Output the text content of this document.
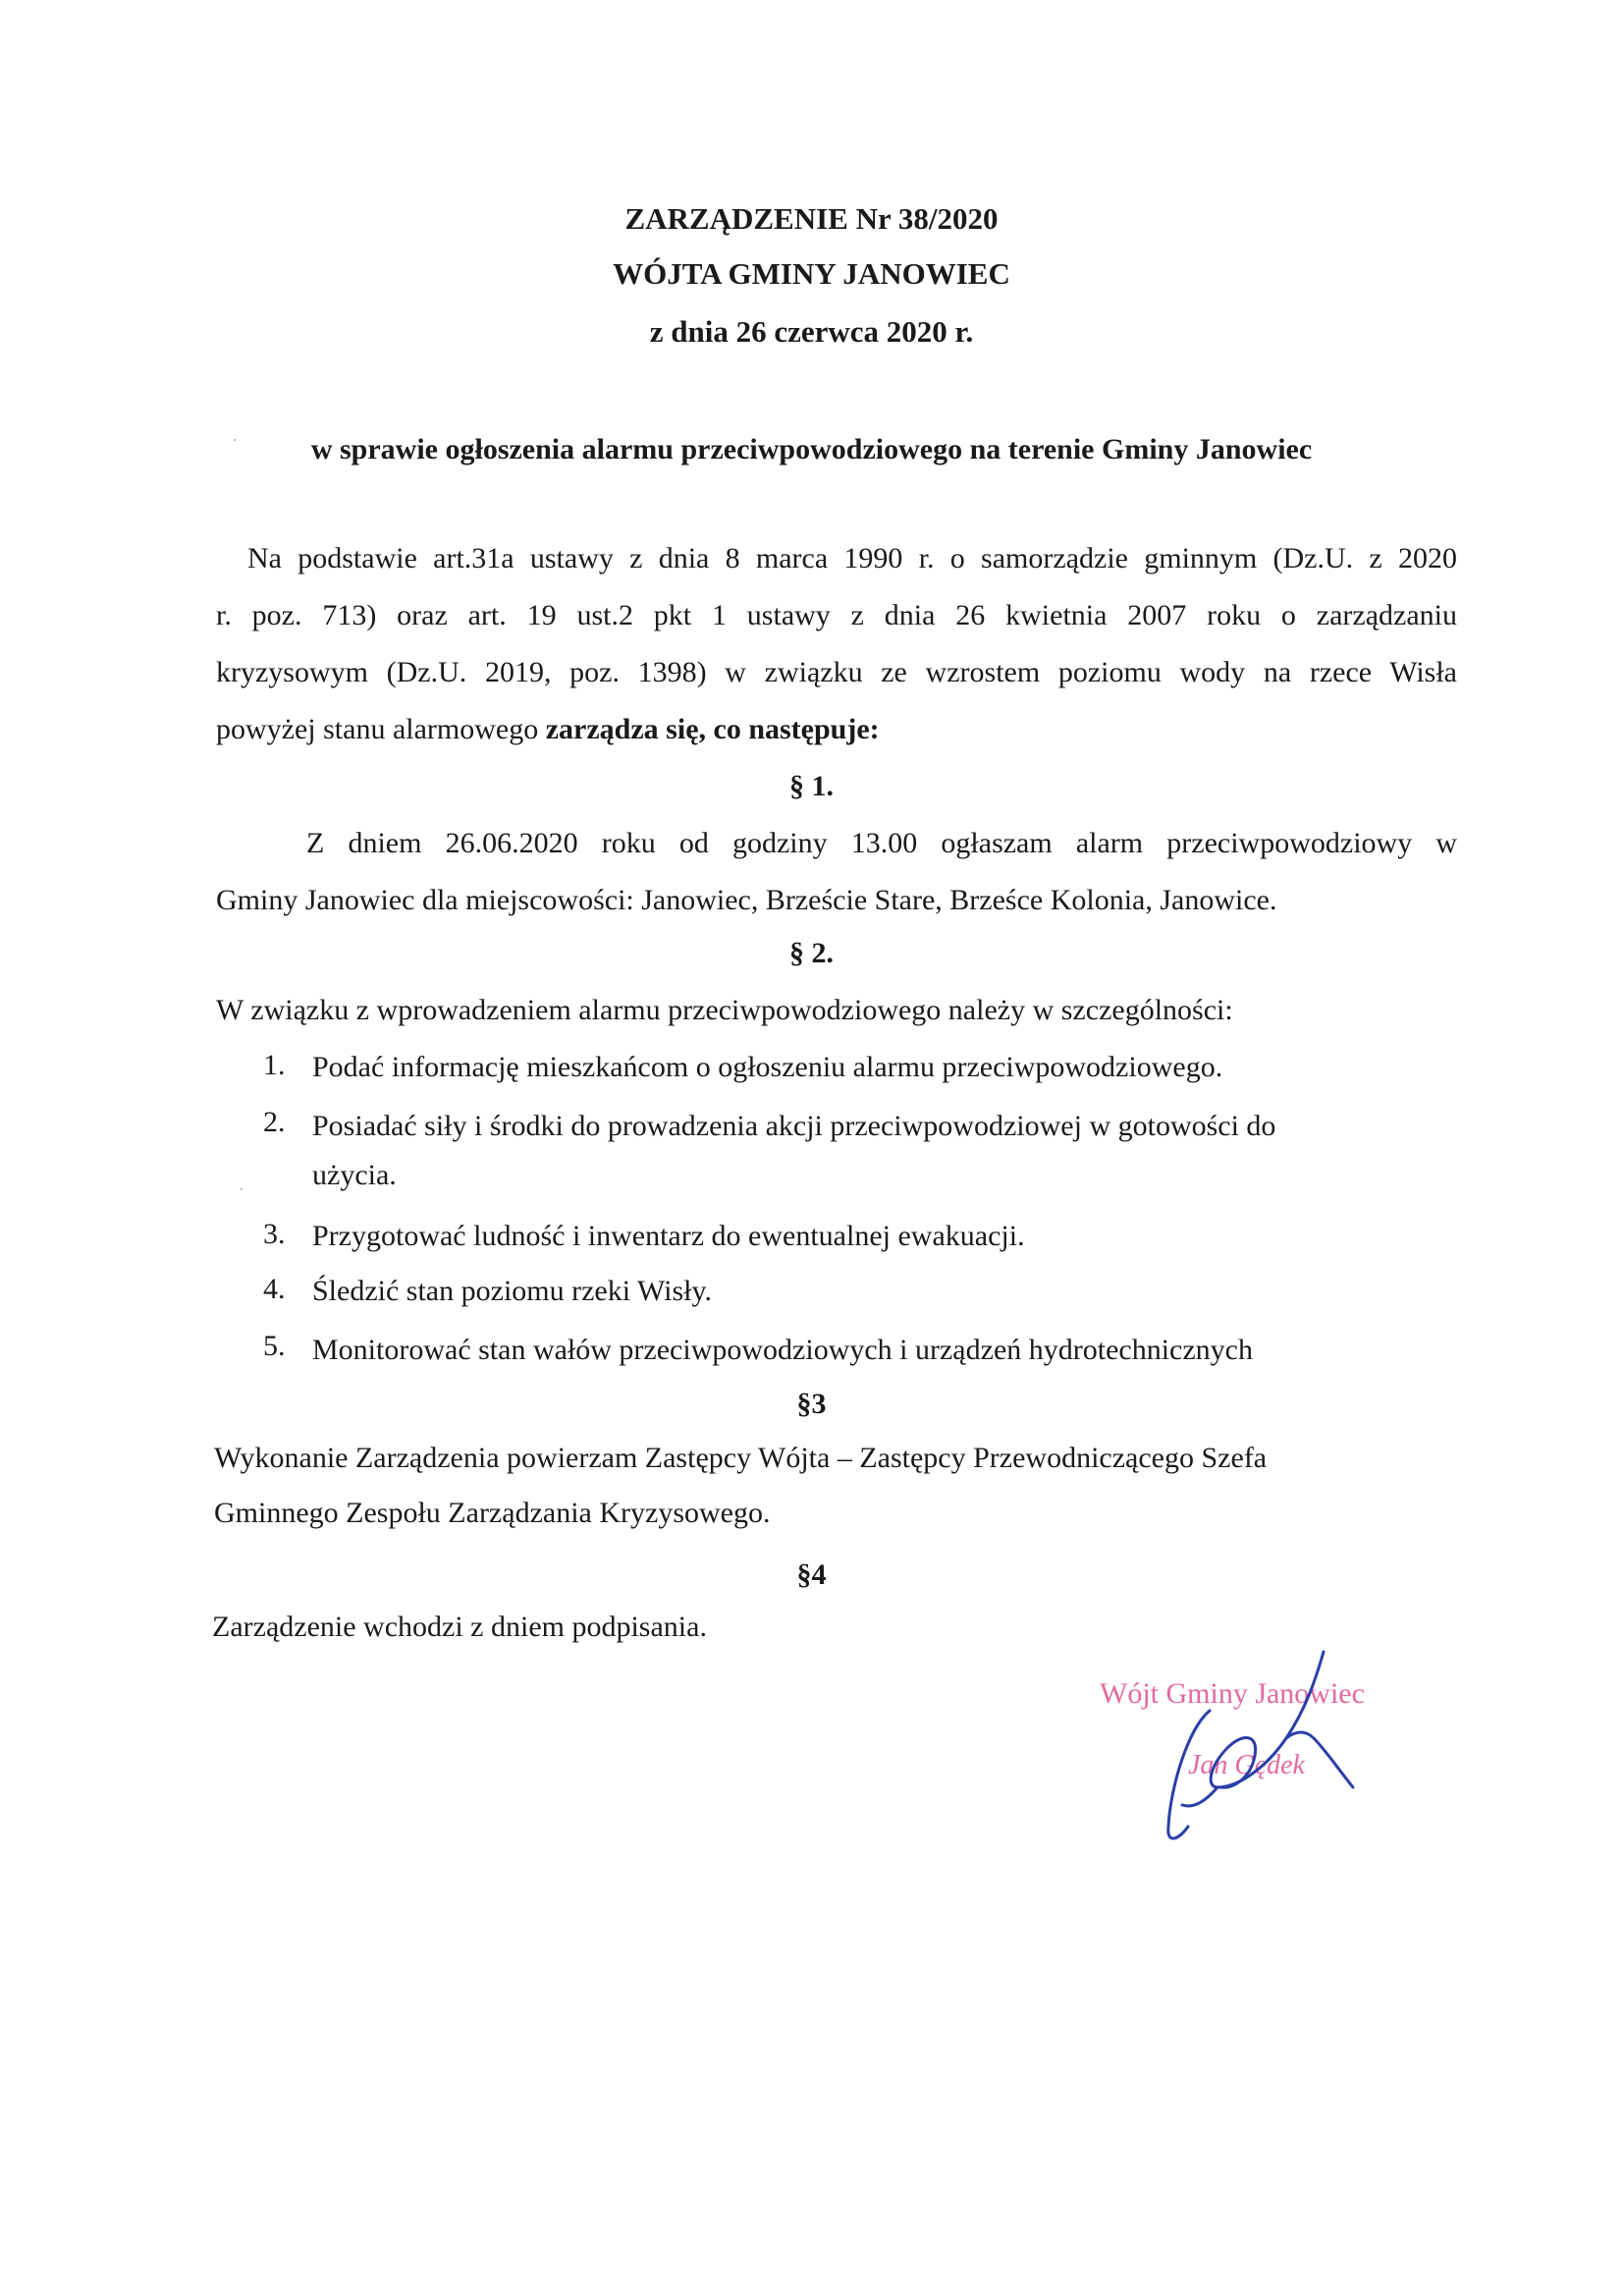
ZARZĄDZENIE Nr 38/2020
WÓJTA GMINY JANOWIEC
z dnia 26 czerwca 2020 r.
w sprawie ogłoszenia alarmu przeciwpowodziowego na terenie Gminy Janowiec
Na podstawie art.31a ustawy z dnia 8 marca 1990 r. o samorządzie gminnym (Dz.U. z 2020
r. poz. 713) oraz art. 19 ust.2 pkt 1 ustawy z dnia 26 kwietnia 2007 roku o zarządzaniu
kryzysowym (Dz.U. 2019, poz. 1398) w związku ze wzrostem poziomu wody na rzece Wisła
powyżej stanu alarmowego zarządza się, co następuje:
§ 1.
Z dniem 26.06.2020 roku od godziny 13.00 ogłaszam alarm przeciwpowodziowy w
Gminy Janowiec dla miejscowości: Janowiec, Brzeście Stare, Brześce Kolonia, Janowice.
§ 2.
W związku z wprowadzeniem alarmu przeciwpowodziowego należy w szczególności:
1. Podać informację mieszkańcom o ogłoszeniu alarmu przeciwpowodziowego.
2. Posiadać siły i środki do prowadzenia akcji przeciwpowodziowej w gotowości do
użycia.
3. Przygotować ludność i inwentarz do ewentualnej ewakuacji.
4. Śledzić stan poziomu rzeki Wisły.
5. Monitorować stan wałów przeciwpowodziowych i urządzeń hydrotechnicznych
§3
Wykonanie Zarządzenia powierzam Zastępcy Wójta – Zastępcy Przewodniczącego Szefa
Gminnego Zespołu Zarządzania Kryzysowego.
§4
Zarządzenie wchodzi z dniem podpisania.
Wójt Gminy Janowiec
Jan Gędek
